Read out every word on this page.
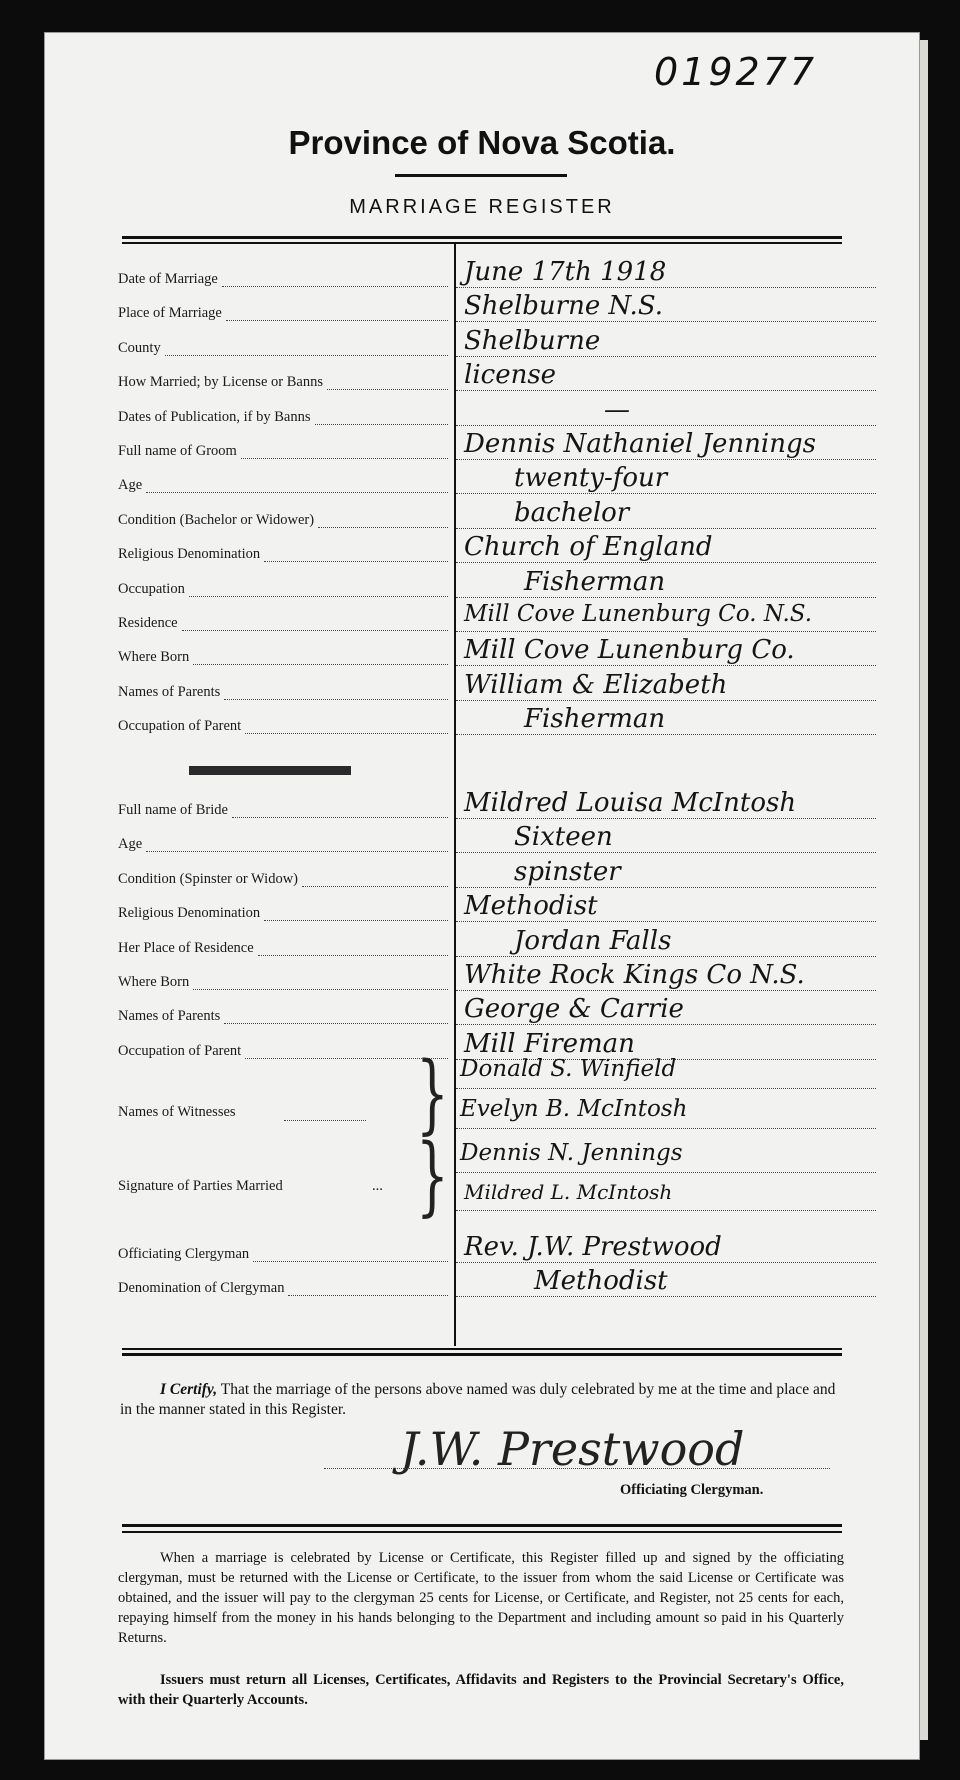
019277
Province of Nova Scotia.
MARRIAGE REGISTER
Date of Marriage	June 17th 1918
Place of Marriage	Shelburne N.S.
County	Shelburne
How Married; by License or Banns	license
Dates of Publication, if by Banns	—
Full name of Groom	Dennis Nathaniel Jennings
Age	twenty-four
Condition (Bachelor or Widower)	bachelor
Religious Denomination	Church of England
Occupation	Fisherman
Residence	Mill Cove Lunenburg Co. N.S.
Where Born	Mill Cove Lunenburg Co.
Names of Parents	William & Elizabeth
Occupation of Parent	Fisherman
Full name of Bride	Mildred Louisa McIntosh
Age	Sixteen
Condition (Spinster or Widow)	spinster
Religious Denomination	Methodist
Her Place of Residence	Jordan Falls
Where Born	White Rock Kings Co N.S.
Names of Parents	George & Carrie
Occupation of Parent	Mill Fireman
Names of Witnesses } Donald S. Winfield
Evelyn B. McIntosh
Signature of Parties Married	... } Dennis N. Jennings
Mildred L. McIntosh
Officiating Clergyman	Rev. J.W. Prestwood
Denomination of Clergyman	Methodist
I Certify, That the marriage of the persons above named was duly celebrated by me at the time and place and in the manner stated in this Register.
J.W. Prestwood
Officiating Clergyman.
When a marriage is celebrated by License or Certificate, this Register filled up and signed by the officiating clergyman, must be returned with the License or Certificate, to the issuer from whom the said License or Certificate was obtained, and the issuer will pay to the clergyman 25 cents for License, or Certificate, and Register, not 25 cents for each, repaying himself from the money in his hands belonging to the Department and including amount so paid in his Quarterly Returns.
Issuers must return all Licenses, Certificates, Affidavits and Registers to the Provincial Secretary's Office, with their Quarterly Accounts.
